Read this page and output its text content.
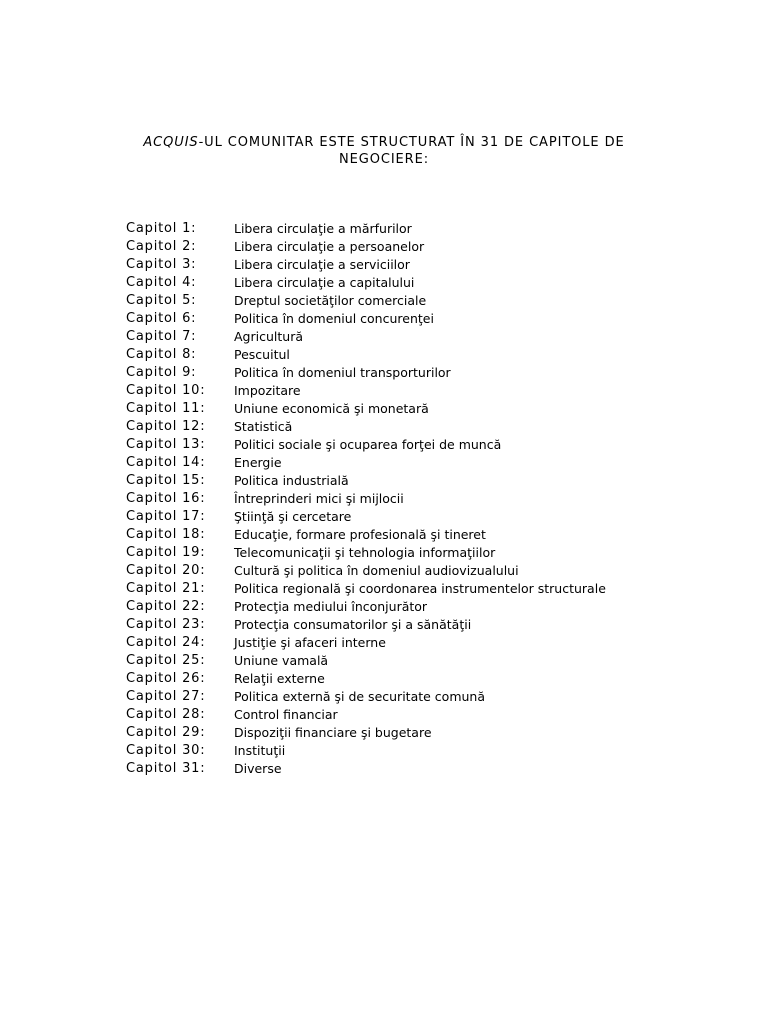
ACQUIS-UL COMUNITAR ESTE STRUCTURAT ÎN 31 DE CAPITOLE DE
NEGOCIERE:
Capitol 1:	Libera circulaţie a mărfurilor
Capitol 2:	Libera circulaţie a persoanelor
Capitol 3:	Libera circulaţie a serviciilor
Capitol 4:	Libera circulaţie a capitalului
Capitol 5:	Dreptul societăţilor comerciale
Capitol 6:	Politica în domeniul concurenţei
Capitol 7:	Agricultură
Capitol 8:	Pescuitul
Capitol 9:	Politica în domeniul transporturilor
Capitol 10:	Impozitare
Capitol 11:	Uniune economică şi monetară
Capitol 12:	Statistică
Capitol 13:	Politici sociale şi ocuparea forţei de muncă
Capitol 14:	Energie
Capitol 15:	Politica industrială
Capitol 16:	Întreprinderi mici şi mijlocii
Capitol 17:	Ştiinţă şi cercetare
Capitol 18:	Educaţie, formare profesională şi tineret
Capitol 19:	Telecomunicaţii şi tehnologia informaţiilor
Capitol 20:	Cultură şi politica în domeniul audiovizualului
Capitol 21:	Politica regională şi coordonarea instrumentelor structurale
Capitol 22:	Protecţia mediului înconjurător
Capitol 23:	Protecţia consumatorilor şi a sănătăţii
Capitol 24:	Justiţie şi afaceri interne
Capitol 25:	Uniune vamală
Capitol 26:	Relaţii externe
Capitol 27:	Politica externă şi de securitate comună
Capitol 28:	Control financiar
Capitol 29:	Dispoziţii financiare şi bugetare
Capitol 30:	Instituţii
Capitol 31:	Diverse
